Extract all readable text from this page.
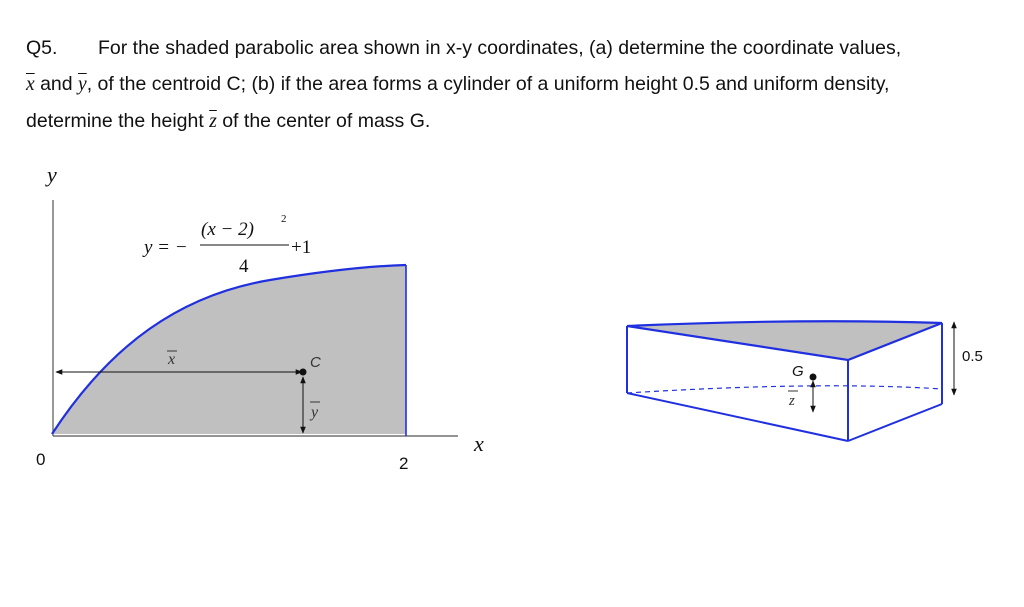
Q5. For the shaded parabolic area shown in x-y coordinates, (a) determine the coordinate values,
$\overline{x}$ and $\overline{y}$, of the centroid C; (b) if the area forms a cylinder of a uniform height 0.5 and uniform density,
determine the height $\overline{z}$ of the center of mass G.
y
x
0	2
x	C
y
y = −
(x − 2) 2
4
+1
0.5
G
z
